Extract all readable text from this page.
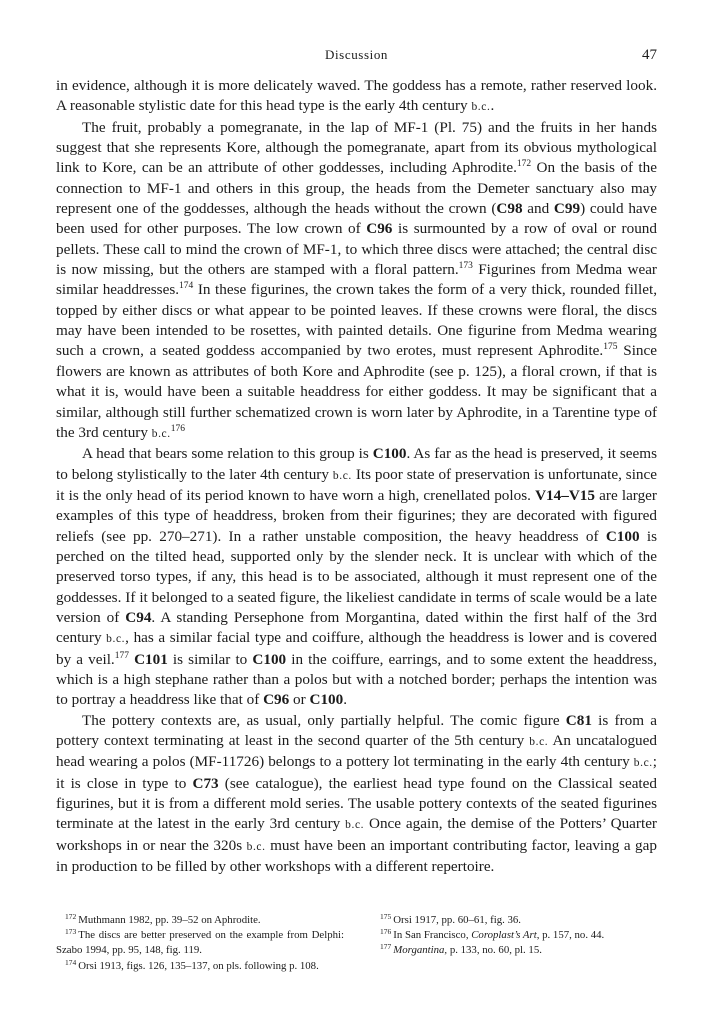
Discussion	47

in evidence, although it is more delicately waved. The goddess has a remote, rather reserved look. A reasonable stylistic date for this head type is the early 4th century b.c..

The fruit, probably a pomegranate, in the lap of MF-1 (Pl. 75) and the fruits in her hands suggest that she represents Kore, although the pomegranate, apart from its obvious mythological link to Kore, can be an attribute of other goddesses, including Aphrodite.$^{172}$ On the basis of the connection to MF-1 and others in this group, the heads from the Demeter sanctuary also may represent one of the goddesses, although the heads without the crown (C98 and C99) could have been used for other purposes. The low crown of C96 is surmounted by a row of oval or round pellets. These call to mind the crown of MF-1, to which three discs were attached; the central disc is now missing, but the others are stamped with a floral pattern.$^{173}$ Figurines from Medma wear similar headdresses.$^{174}$ In these figurines, the crown takes the form of a very thick, rounded fillet, topped by either discs or what appear to be pointed leaves. If these crowns were floral, the discs may have been intended to be rosettes, with painted details. One figurine from Medma wearing such a crown, a seated goddess accompanied by two erotes, must represent Aphrodite.$^{175}$ Since flowers are known as attributes of both Kore and Aphrodite (see p. 125), a floral crown, if that is what it is, would have been a suitable headdress for either goddess. It may be significant that a similar, although still further schematized crown is worn later by Aphrodite, in a Tarentine type of the 3rd century b.c.$^{176}$

A head that bears some relation to this group is C100. As far as the head is preserved, it seems to belong stylistically to the later 4th century b.c. Its poor state of preservation is unfortunate, since it is the only head of its period known to have worn a high, crenellated polos. V14–V15 are larger examples of this type of headdress, broken from their figurines; they are decorated with figured reliefs (see pp. 270–271). In a rather unstable composition, the heavy headdress of C100 is perched on the tilted head, supported only by the slender neck. It is unclear with which of the preserved torso types, if any, this head is to be associated, although it must represent one of the goddesses. If it belonged to a seated figure, the likeliest candidate in terms of scale would be a late version of C94. A standing Persephone from Morgantina, dated within the first half of the 3rd century b.c., has a similar facial type and coiffure, although the headdress is lower and is covered by a veil.$^{177}$ C101 is similar to C100 in the coiffure, earrings, and to some extent the headdress, which is a high stephane rather than a polos but with a notched border; perhaps the intention was to portray a headdress like that of C96 or C100.

The pottery contexts are, as usual, only partially helpful. The comic figure C81 is from a pottery context terminating at least in the second quarter of the 5th century b.c. An uncatalogued head wearing a polos (MF-11726) belongs to a pottery lot terminating in the early 4th century b.c.; it is close in type to C73 (see catalogue), the earliest head type found on the Classical seated figurines, but it is from a different mold series. The usable pottery contexts of the seated figurines terminate at the latest in the early 3rd century b.c. Once again, the demise of the Potters’ Quarter workshops in or near the 320s b.c. must have been an important contributing factor, leaving a gap in production to be filled by other workshops with a different repertoire.

$^{172}$ Muthmann 1982, pp. 39–52 on Aphrodite.

$^{173}$ The discs are better preserved on the example from Delphi: Szabo 1994, pp. 95, 148, fig. 119.

$^{174}$ Orsi 1913, figs. 126, 135–137, on pls. following p. 108.

$^{175}$ Orsi 1917, pp. 60–61, fig. 36.

$^{176}$ In San Francisco, Coroplast’s Art, p. 157, no. 44.

$^{177}$ Morgantina, p. 133, no. 60, pl. 15.
